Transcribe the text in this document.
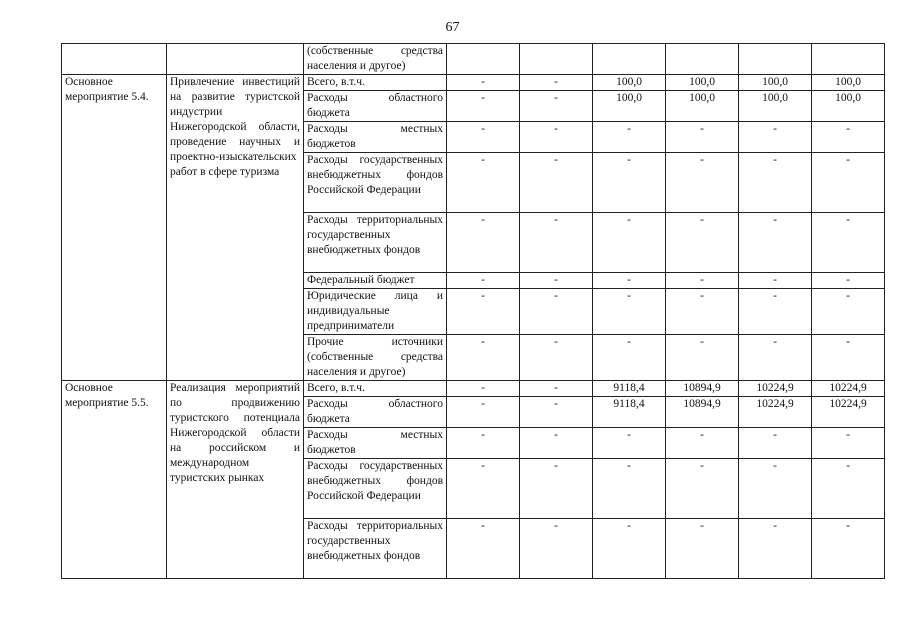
67
		(собственные средства населения и другое)						
Основное мероприятие 5.4.	Привлечение инвестиций на развитие туристской индустрии Нижегородской области, проведение научных и проектно-изыскательских работ в сфере туризма	Всего, в.т.ч.	-	-	100,0	100,0	100,0	100,0
		Расходы областного бюджета	-	-	100,0	100,0	100,0	100,0
		Расходы местных бюджетов	-	-	-	-	-	-
		Расходы государственных внебюджетных фондов Российской Федерации	-	-	-	-	-	-
		Расходы территориальных государственных внебюджетных фондов	-	-	-	-	-	-
		Федеральный бюджет	-	-	-	-	-	-
		Юридические лица и индивидуальные предприниматели	-	-	-	-	-	-
		Прочие источники (собственные средства населения и другое)	-	-	-	-	-	-
Основное мероприятие 5.5.	Реализация мероприятий по продвижению туристского потенциала Нижегородской области на российском и международном туристских рынках	Всего, в.т.ч.	-	-	9118,4	10894,9	10224,9	10224,9
		Расходы областного бюджета	-	-	9118,4	10894,9	10224,9	10224,9
		Расходы местных бюджетов	-	-	-	-	-	-
		Расходы государственных внебюджетных фондов Российской Федерации	-	-	-	-	-	-
		Расходы территориальных государственных внебюджетных фондов	-	-	-	-	-	-
